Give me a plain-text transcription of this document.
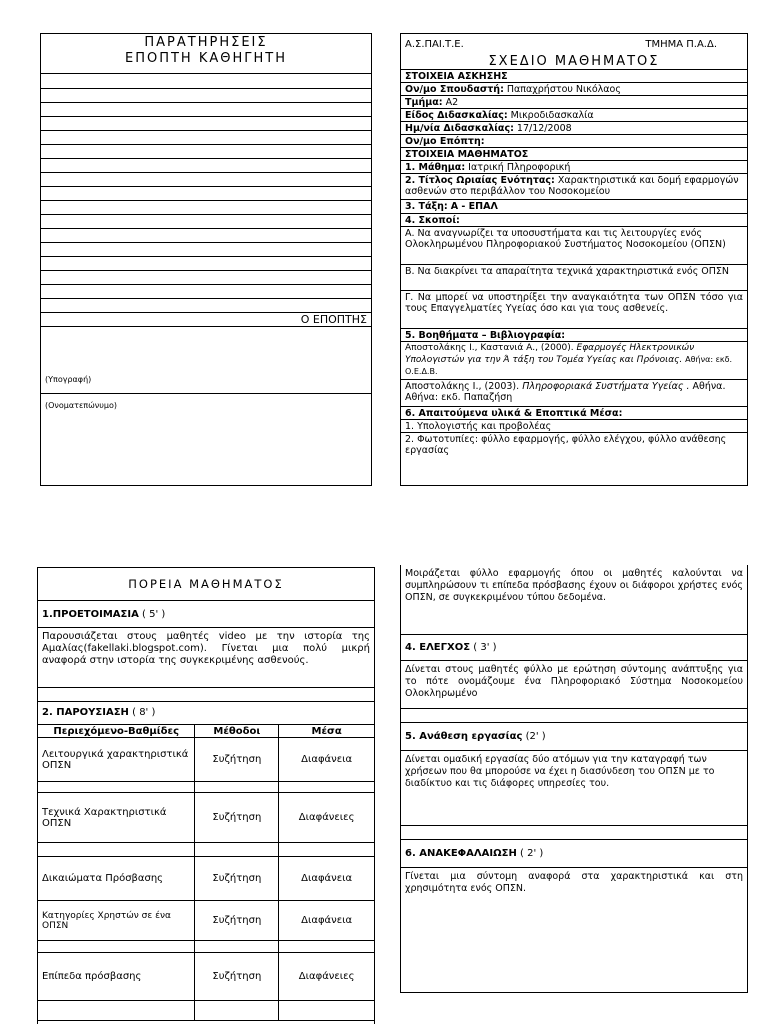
ΠΑΡΑΤΗΡΗΣΕΙΣ
ΕΠΟΠΤΗ ΚΑΘΗΓΗΤΗ
Ο ΕΠΟΠΤΗΣ
(Υπογραφή)
(Ονοματεπώνυμο)
Α.Σ.ΠΑΙ.Τ.Ε.	ΤΜΗΜΑ Π.Α.Δ.
ΣΧΕΔΙΟ ΜΑΘΗΜΑΤΟΣ
ΣΤΟΙΧΕΙΑ ΑΣΚΗΣΗΣ
Ον/μο Σπουδαστή: Παπαχρήστου Νικόλαος
Τμήμα: Α2
Είδος Διδασκαλίας: Μικροδιδασκαλία
Ημ/νία Διδασκαλίας: 17/12/2008
Ον/μο Επόπτη:
ΣΤΟΙΧΕΙΑ ΜΑΘΗΜΑΤΟΣ
1. Μάθημα: Ιατρική Πληροφορική
2. Τίτλος Ωριαίας Ενότητας: Χαρακτηριστικά και δομή εφαρμογών ασθενών στο περιβάλλον του Νοσοκομείου
3. Τάξη: Α - ΕΠΑΛ
4. Σκοποί:
Α. Να αναγνωρίζει τα υποσυστήματα και τις λειτουργίες ενός Ολοκληρωμένου Πληροφοριακού Συστήματος Νοσοκομείου (ΟΠΣΝ)
Β. Να διακρίνει τα απαραίτητα τεχνικά χαρακτηριστικά ενός ΟΠΣΝ
Γ. Να μπορεί να υποστηρίξει την αναγκαιότητα των ΟΠΣΝ τόσο για τους Επαγγελματίες Υγείας όσο και για τους ασθενείς.
5. Βοηθήματα – Βιβλιογραφία:
Αποστολάκης Ι., Καστανιά Α., (2000). Εφαρμογές Ηλεκτρονικών Υπολογιστών για την Ά τάξη του Τομέα Υγείας και Πρόνοιας. Αθήνα: εκδ. Ο.Ε.Δ.Β.
Αποστολάκης Ι., (2003). Πληροφοριακά Συστήματα Υγείας . Αθήνα. Αθήνα: εκδ. Παπαζήση
6. Απαιτούμενα υλικά & Εποπτικά Μέσα:
1. Υπολογιστής και προβολέας
2. Φωτοτυπίες: φύλλο εφαρμογής, φύλλο ελέγχου, φύλλο ανάθεσης εργασίας
ΠΟΡΕΙΑ ΜΑΘΗΜΑΤΟΣ
1.ΠΡΟΕΤΟΙΜΑΣΙΑ ( 5' )
Παρουσιάζεται στους μαθητές video με την ιστορία της Αμαλίας(fakellaki.blogspot.com). Γίνεται μια πολύ μικρή αναφορά στην ιστορία της συγκεκριμένης ασθενούς.
2. ΠΑΡΟΥΣΙΑΣΗ ( 8' )
Περιεχόμενο-Βαθμίδες	Μέθοδοι	Μέσα
Λειτουργικά χαρακτηριστικά ΟΠΣΝ	Συζήτηση	Διαφάνεια

Τεχνικά Χαρακτηριστικά ΟΠΣΝ	Συζήτηση	Διαφάνειες

Δικαιώματα Πρόσβασης	Συζήτηση	Διαφάνεια
Κατηγορίες Χρηστών σε ένα ΟΠΣΝ	Συζήτηση	Διαφάνεια

Επίπεδα πρόσβασης	Συζήτηση	Διαφάνειες

Μοιράζεται φύλλο εφαρμογής όπου οι μαθητές καλούνται να συμπληρώσουν τι επίπεδα πρόσβασης έχουν οι διάφοροι χρήστες ενός ΟΠΣΝ, σε συγκεκριμένου τύπου δεδομένα.
4. ΕΛΕΓΧΟΣ ( 3' )
Δίνεται στους μαθητές φύλλο με ερώτηση σύντομης ανάπτυξης για το πότε ονομάζουμε ένα Πληροφοριακό Σύστημα Νοσοκομείου Ολοκληρωμένο
5. Ανάθεση εργασίας (2' )
Δίνεται ομαδική εργασίας δύο ατόμων για την καταγραφή των χρήσεων που θα μπορούσε να έχει η διασύνδεση του ΟΠΣΝ με το διαδίκτυο και τις διάφορες υπηρεσίες του.
6. ΑΝΑΚΕΦΑΛΑΙΩΣΗ ( 2' )
Γίνεται μια σύντομη αναφορά στα χαρακτηριστικά και στη χρησιμότητα ενός ΟΠΣΝ.
